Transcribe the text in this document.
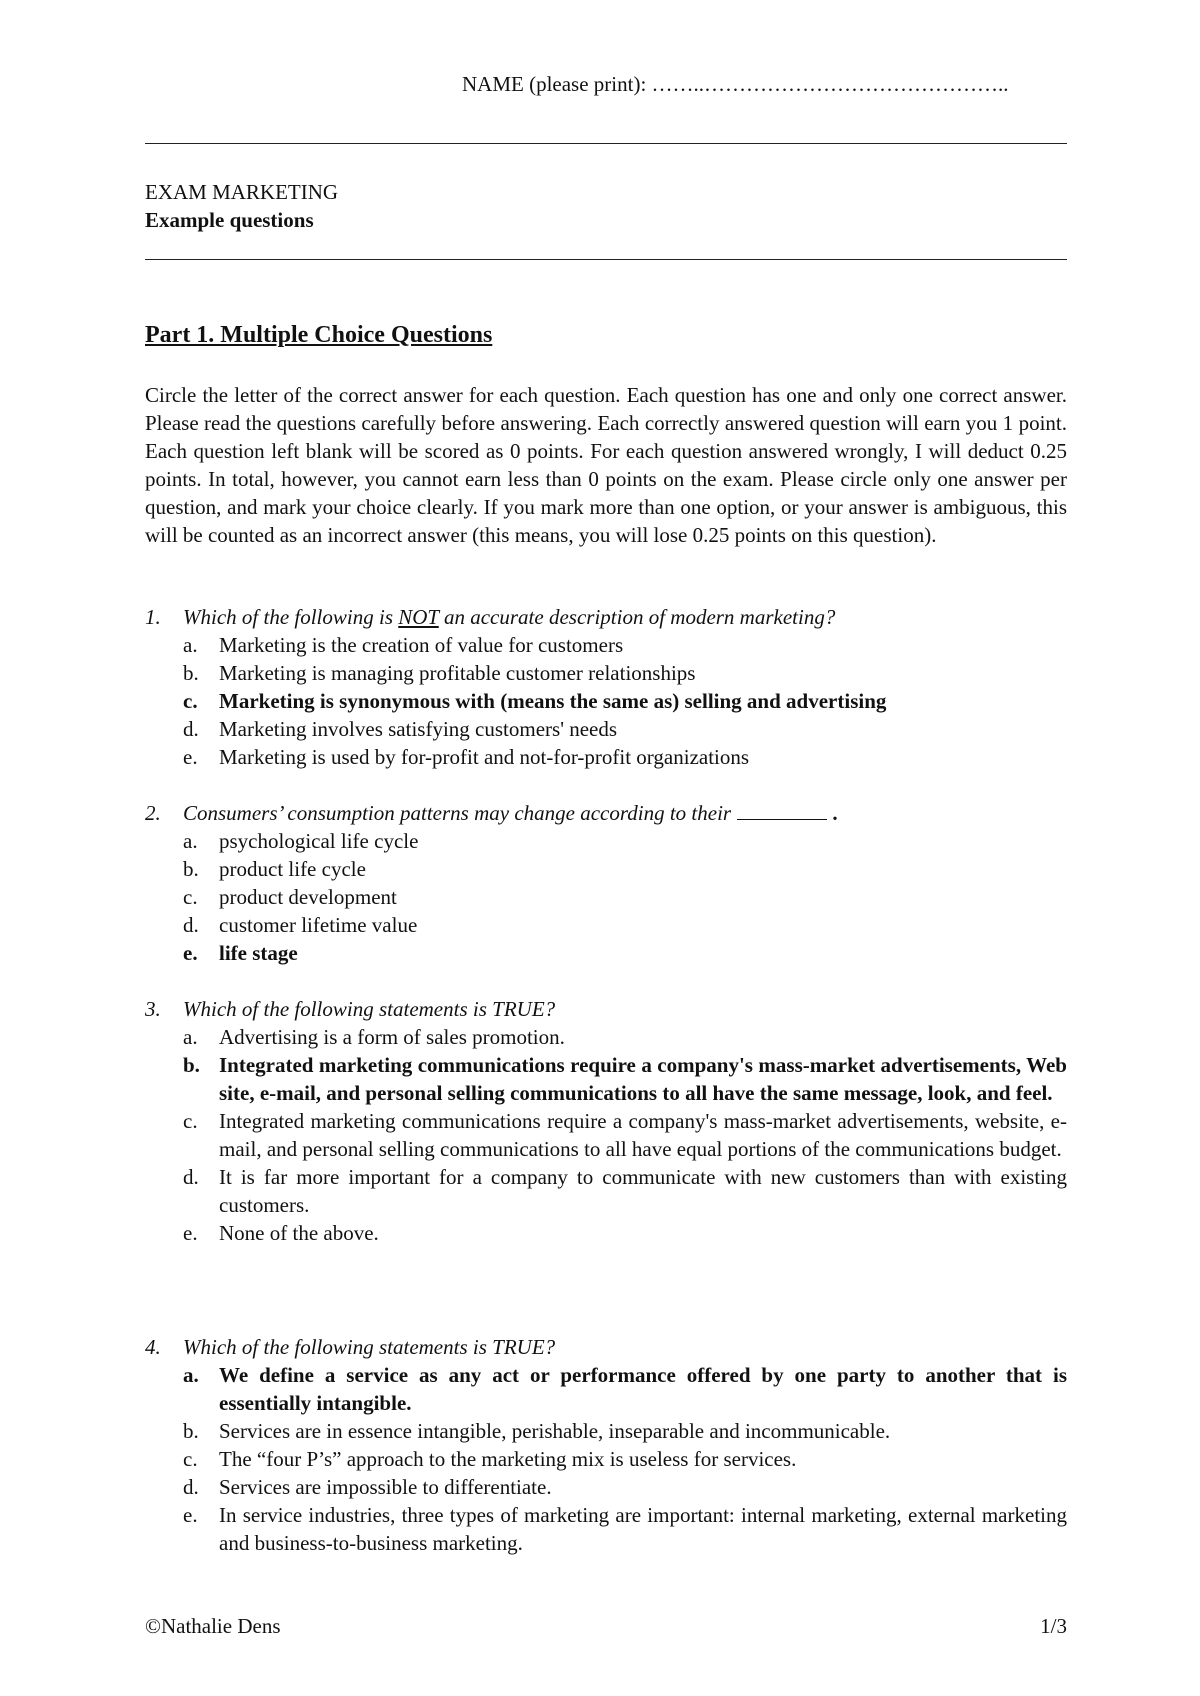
NAME (please print): ……..……………………………………..
EXAM MARKETING
Example questions
Part 1. Multiple Choice Questions

Circle the letter of the correct answer for each question. Each question has one and only one correct answer. Please read the questions carefully before answering. Each correctly answered question will earn you 1 point. Each question left blank will be scored as 0 points. For each question answered wrongly, I will deduct 0.25 points. In total, however, you cannot earn less than 0 points on the exam. Please circle only one answer per question, and mark your choice clearly. If you mark more than one option, or your answer is ambiguous, this will be counted as an incorrect answer (this means, you will lose 0.25 points on this question).

1.	Which of the following is NOT an accurate description of modern marketing?
a.	Marketing is the creation of value for customers
b. Marketing is managing profitable customer relationships
c.	Marketing is synonymous with (means the same as) selling and advertising
d. Marketing involves satisfying customers' needs
e.	Marketing is used by for-profit and not-for-profit organizations
2.	Consumers’ consumption patterns may change according to their	.
a.	psychological life cycle
b. product life cycle
c.	product development
d. customer lifetime value
e.	life stage
3.	Which of the following statements is TRUE?
a.	Advertising is a form of sales promotion.
b. Integrated marketing communications require a company's mass-market advertisements, Web site, e-mail, and personal selling communications to all have the same message, look, and feel.
c.	Integrated marketing communications require a company's mass-market advertisements, website, e-mail, and personal selling communications to all have equal portions of the communications budget.
d. It is far more important for a company to communicate with new customers than with existing customers.
e.	None of the above.
4.	Which of the following statements is TRUE?
a. We define a service as any act or performance offered by one party to another that is essentially intangible.
b. Services are in essence intangible, perishable, inseparable and incommunicable.
c.	The “four P’s” approach to the marketing mix is useless for services.
d. Services are impossible to differentiate.
e.	In service industries, three types of marketing are important: internal marketing, external marketing and business-to-business marketing.
©Nathalie Dens	1/3
